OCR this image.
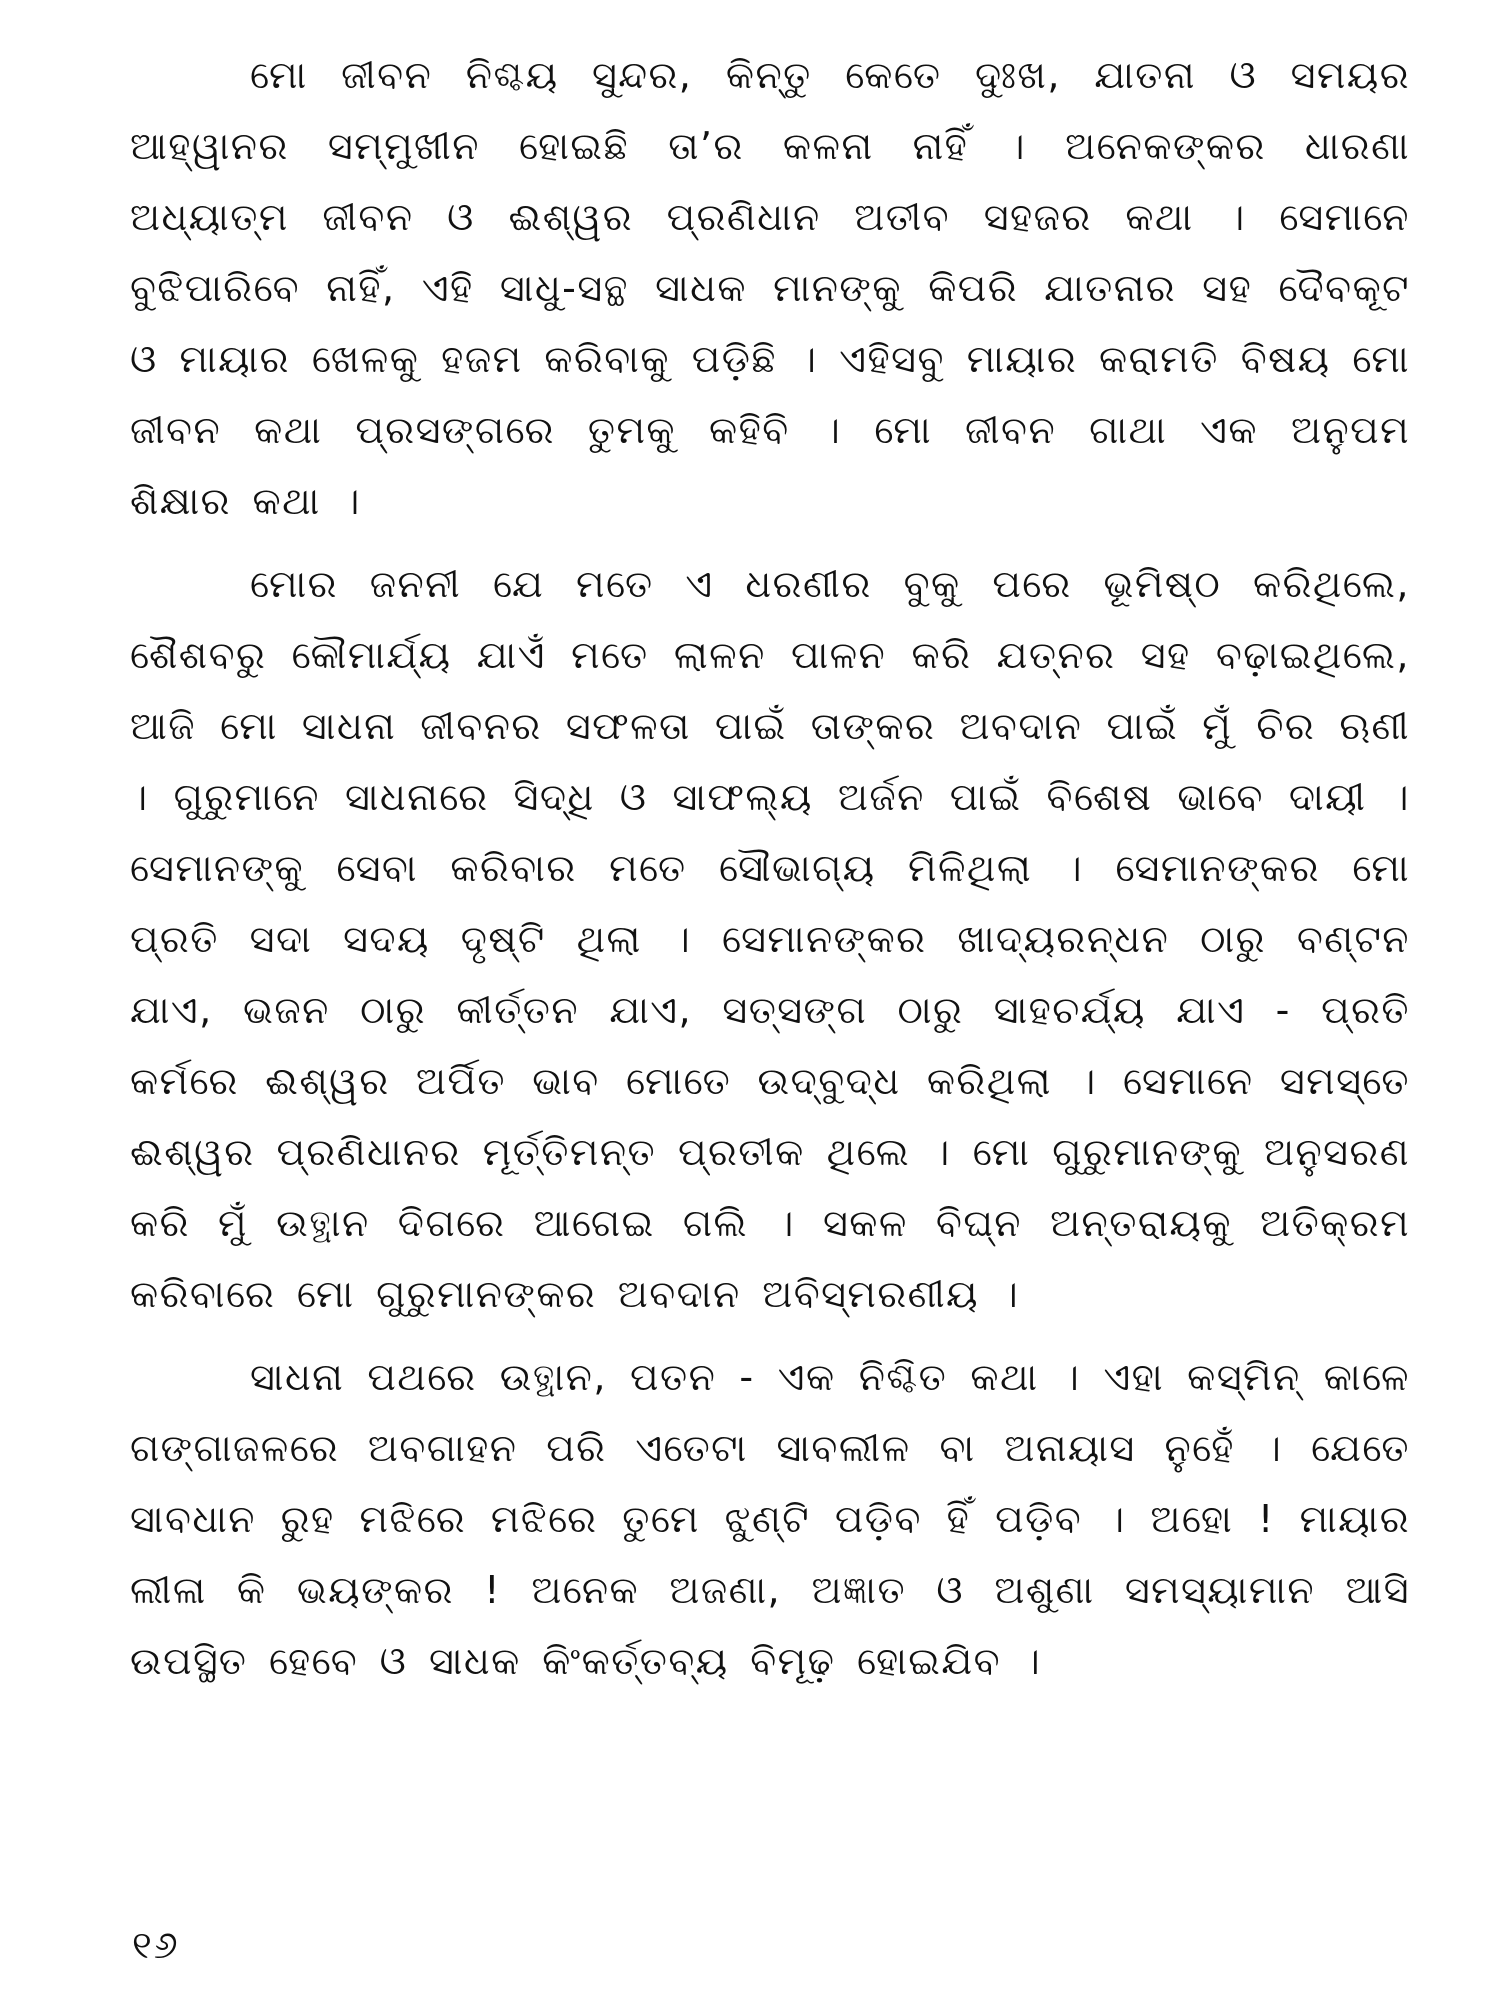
ମୋ ଜୀବନ ନିଶ୍ଚୟ ସୁନ୍ଦର, କିନ୍ତୁ କେତେ ଦୁଃଖ, ଯାତନା ଓ ସମୟର ଆହ୍ୱାନର ସମ୍ମୁଖୀନ ହୋଇଛି ତା’ର କଳନା ନାହିଁ । ଅନେକଙ୍କର ଧାରଣା ଅଧ୍ୟାତ୍ମ ଜୀବନ ଓ ଈଶ୍ୱର ପ୍ରଣିଧାନ ଅତୀବ ସହଜର କଥା । ସେମାନେ ବୁଝିପାରିବେ ନାହିଁ, ଏହି ସାଧୁ-ସନ୍ଥ ସାଧକ ମାନଙ୍କୁ କିପରି ଯାତନାର ସହ ଦୈବକୂଟ ଓ ମାୟାର ଖେଳକୁ ହଜମ କରିବାକୁ ପଡ଼ିଛି । ଏହିସବୁ ମାୟାର କରାମତି ବିଷୟ ମୋ ଜୀବନ କଥା ପ୍ରସଙ୍ଗରେ ତୁମକୁ କହିବି । ମୋ ଜୀବନ ଗାଥା ଏକ ଅନୁପମ ଶିକ୍ଷାର କଥା ।

ମୋର ଜନନୀ ଯେ ମତେ ଏ ଧରଣୀର ବୁକୁ ପରେ ଭୂମିଷ୍ଠ କରିଥିଲେ, ଶୈଶବରୁ କୌମାର୍ଯ୍ୟ ଯାଏଁ ମତେ ଲାଳନ ପାଳନ କରି ଯତ୍ନର ସହ ବଢ଼ାଇଥିଲେ, ଆଜି ମୋ ସାଧନା ଜୀବନର ସଫଳତା ପାଇଁ ତାଙ୍କର ଅବଦାନ ପାଇଁ ମୁଁ ଚିର ଋଣୀ । ଗୁରୁମାନେ ସାଧନାରେ ସିଦ୍ଧି ଓ ସାଫଲ୍ୟ ଅର୍ଜନ ପାଇଁ ବିଶେଷ ଭାବେ ଦାୟୀ । ସେମାନଙ୍କୁ ସେବା କରିବାର ମତେ ସୌଭାଗ୍ୟ ମିଳିଥିଲା । ସେମାନଙ୍କର ମୋ ପ୍ରତି ସଦା ସଦୟ ଦୃଷ୍ଟି ଥିଲା । ସେମାନଙ୍କର ଖାଦ୍ୟରନ୍ଧନ ଠାରୁ ବଣ୍ଟନ ଯାଏ, ଭଜନ ଠାରୁ କୀର୍ତ୍ତନ ଯାଏ, ସତ୍‌ସଙ୍ଗ ଠାରୁ ସାହଚର୍ଯ୍ୟ ଯାଏ - ପ୍ରତି କର୍ମରେ ଈଶ୍ୱର ଅର୍ପିତ ଭାବ ମୋତେ ଉଦ୍‌ବୁଦ୍ଧ କରିଥିଲା । ସେମାନେ ସମସ୍ତେ ଈଶ୍ୱର ପ୍ରଣିଧାନର ମୂର୍ତ୍ତିମନ୍ତ ପ୍ରତୀକ ଥିଲେ । ମୋ ଗୁରୁମାନଙ୍କୁ ଅନୁସରଣ କରି ମୁଁ ଉତ୍ଥାନ ଦିଗରେ ଆଗେଇ ଗଲି । ସକଳ ବିଘ୍ନ ଅନ୍ତରାୟକୁ ଅତିକ୍ରମ କରିବାରେ ମୋ ଗୁରୁମାନଙ୍କର ଅବଦାନ ଅବିସ୍ମରଣୀୟ ।

ସାଧନା ପଥରେ ଉତ୍ଥାନ, ପତନ - ଏକ ନିଶ୍ଚିତ କଥା । ଏହା କସ୍ମିନ୍ କାଳେ ଗଙ୍ଗାଜଳରେ ଅବଗାହନ ପରି ଏତେଟା ସାବଲୀଳ ବା ଅନାୟାସ ନୁହେଁ । ଯେତେ ସାବଧାନ ରୁହ ମଝିରେ ମଝିରେ ତୁମେ ଝୁଣ୍ଟି ପଡ଼ିବ ହିଁ ପଡ଼ିବ । ଅହୋ ! ମାୟାର ଲୀଳା କି ଭୟଙ୍କର ! ଅନେକ ଅଜଣା, ଅଜ୍ଞାତ ଓ ଅଶୁଣା ସମସ୍ୟାମାନ ଆସି ଉପସ୍ଥିତ ହେବେ ଓ ସାଧକ କିଂକର୍ତ୍ତବ୍ୟ ବିମୂଢ଼ ହୋଇଯିବ ।

୧୬
